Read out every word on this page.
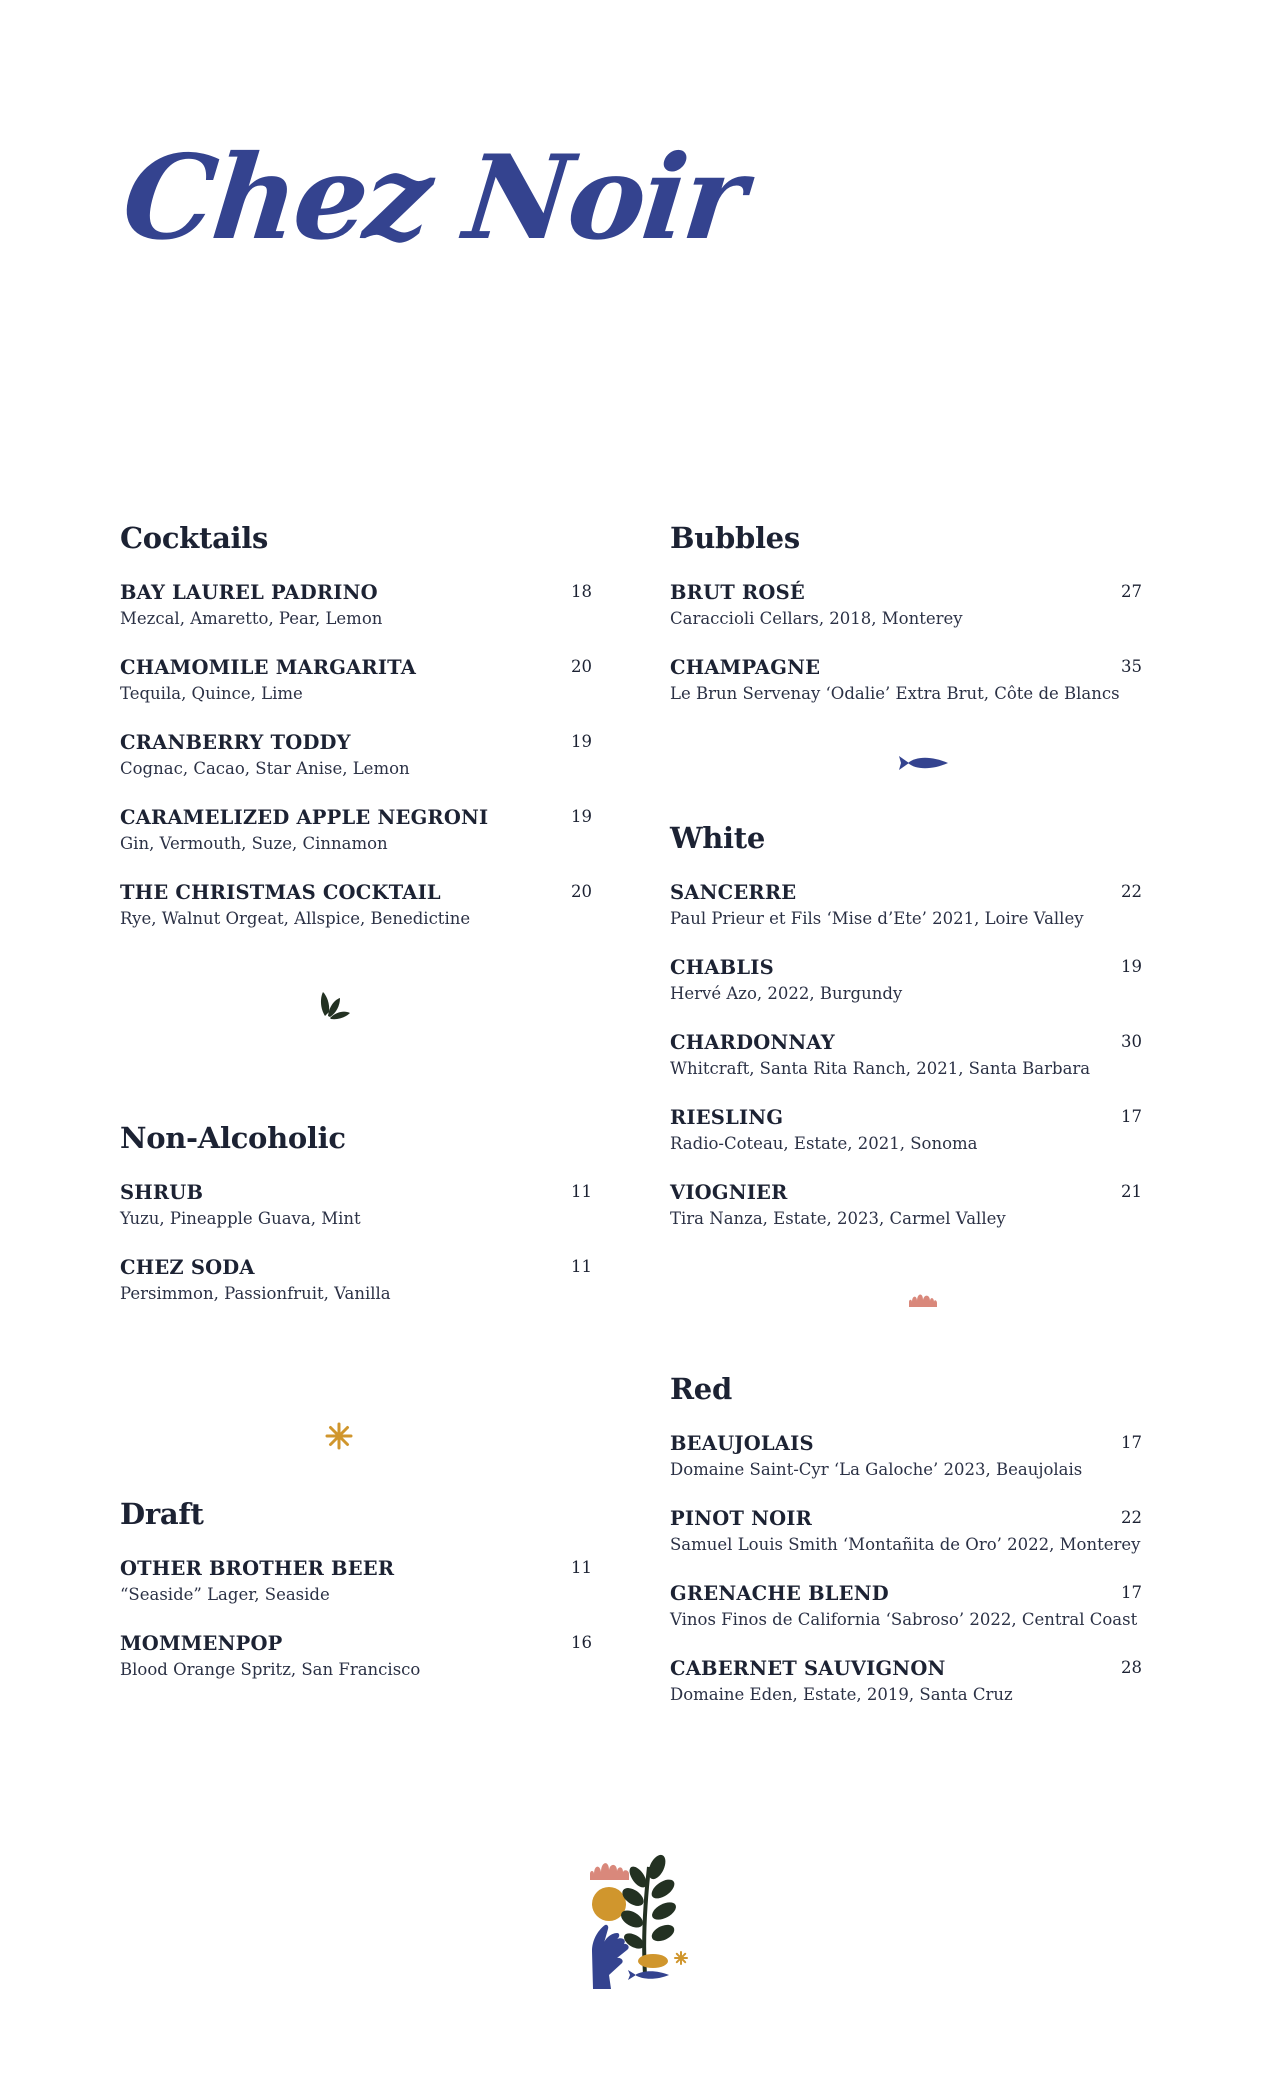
Chez Noir
Cocktails
BAY LAUREL PADRINO	18
Mezcal, Amaretto, Pear, Lemon
CHAMOMILE MARGARITA	20
Tequila, Quince, Lime
CRANBERRY TODDY	19
Cognac, Cacao, Star Anise, Lemon
CARAMELIZED APPLE NEGRONI	19
Gin, Vermouth, Suze, Cinnamon
THE CHRISTMAS COCKTAIL	20
Rye, Walnut Orgeat, Allspice, Benedictine
Non-Alcoholic
SHRUB	11
Yuzu, Pineapple Guava, Mint
CHEZ SODA	11
Persimmon, Passionfruit, Vanilla
Draft
OTHER BROTHER BEER	11
“Seaside” Lager, Seaside
MOMMENPOP	16
Blood Orange Spritz, San Francisco
Bubbles
BRUT ROSÉ	27
Caraccioli Cellars, 2018, Monterey
CHAMPAGNE	35
Le Brun Servenay ‘Odalie’ Extra Brut, Côte de Blancs
White
SANCERRE	22
Paul Prieur et Fils ‘Mise d’Ete’ 2021, Loire Valley
CHABLIS	19
Hervé Azo, 2022, Burgundy
CHARDONNAY	30
Whitcraft, Santa Rita Ranch, 2021, Santa Barbara
RIESLING	17
Radio-Coteau, Estate, 2021, Sonoma
VIOGNIER	21
Tira Nanza, Estate, 2023, Carmel Valley
Red
BEAUJOLAIS	17
Domaine Saint-Cyr ‘La Galoche’ 2023, Beaujolais
PINOT NOIR	22
Samuel Louis Smith ‘Montañita de Oro’ 2022, Monterey
GRENACHE BLEND	17
Vinos Finos de California ‘Sabroso’ 2022, Central Coast
CABERNET SAUVIGNON	28
Domaine Eden, Estate, 2019, Santa Cruz
